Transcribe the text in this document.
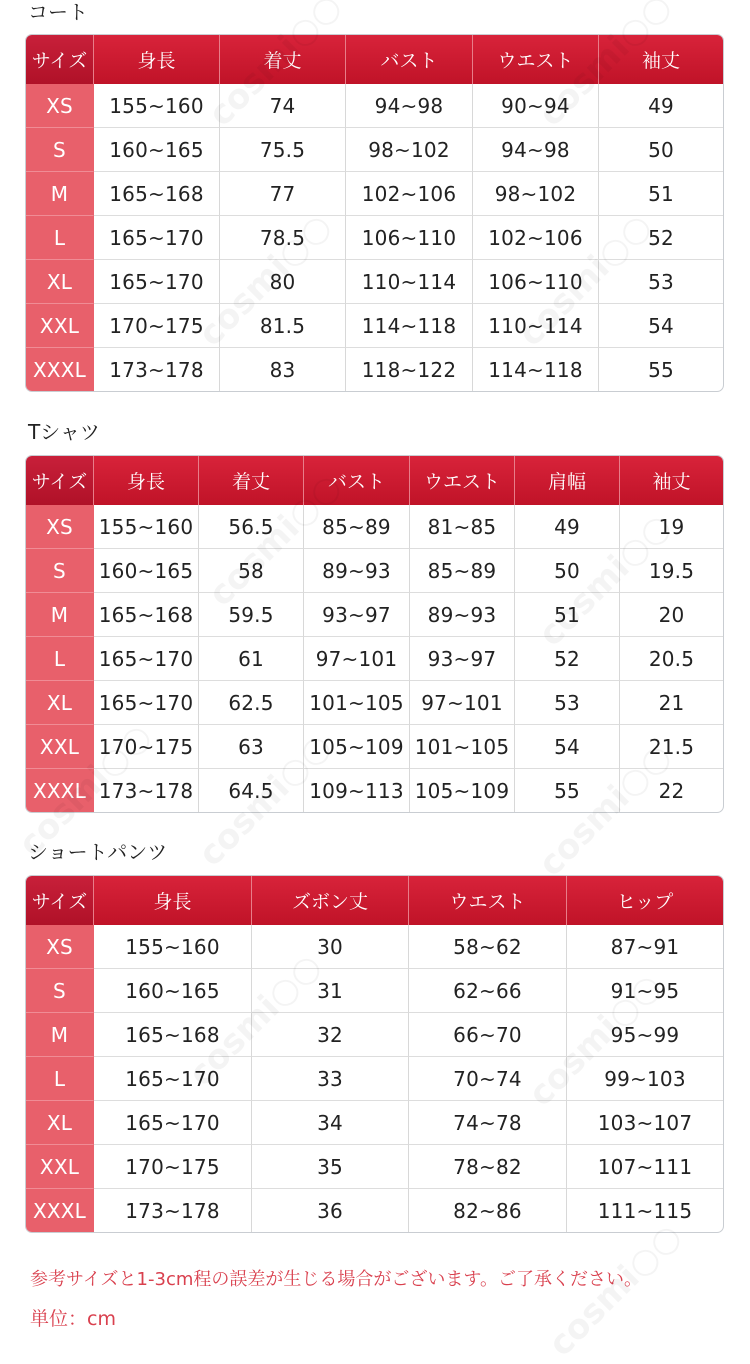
コート
サイズ	身長	着丈	バスト	ウエスト	袖丈
XS	155~160	74	94~98	90~94	49
S	160~165	75.5	98~102	94~98	50
M	165~168	77	102~106	98~102	51
L	165~170	78.5	106~110	102~106	52
XL	165~170	80	110~114	106~110	53
XXL	170~175	81.5	114~118	110~114	54
XXXL	173~178	83	118~122	114~118	55
Tシャツ
サイズ	身長	着丈	バスト	ウエスト	肩幅	袖丈
XS	155~160	56.5	85~89	81~85	49	19
S	160~165	58	89~93	85~89	50	19.5
M	165~168	59.5	93~97	89~93	51	20
L	165~170	61	97~101	93~97	52	20.5
XL	165~170	62.5	101~105	97~101	53	21
XXL	170~175	63	105~109	101~105	54	21.5
XXXL	173~178	64.5	109~113	105~109	55	22
ショートパンツ
サイズ	身長	ズボン丈	ウエスト	ヒップ
XS	155~160	30	58~62	87~91
S	160~165	31	62~66	91~95
M	165~168	32	66~70	95~99
L	165~170	33	70~74	99~103
XL	165~170	34	74~78	103~107
XXL	170~175	35	78~82	107~111
XXXL	173~178	36	82~86	111~115
参考サイズと1-3cm程の誤差が生じる場合がございます。ご了承ください。
単位：cm
